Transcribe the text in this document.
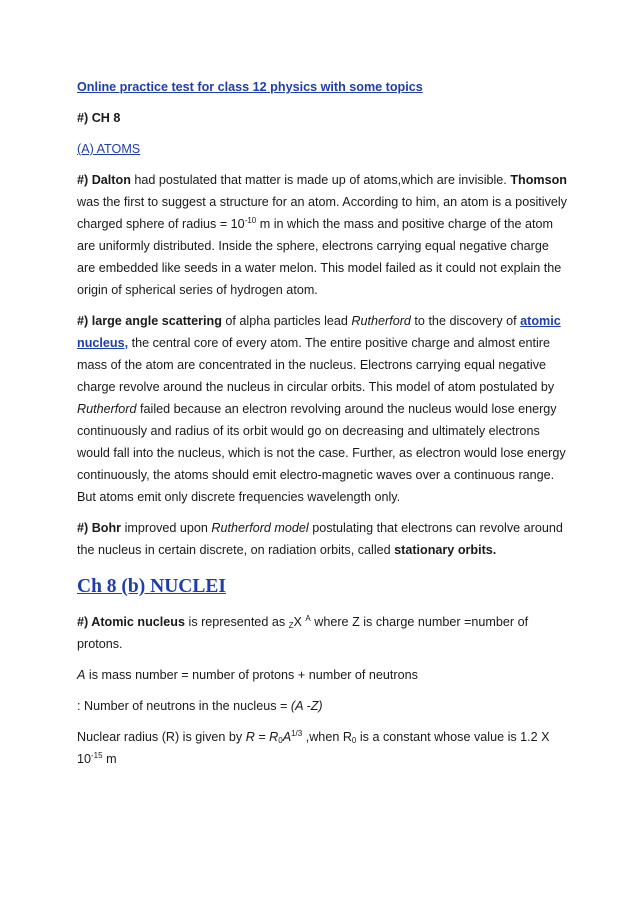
Online practice test for class 12 physics with some topics

#) CH 8

(A) ATOMS

#) Dalton had postulated that matter is made up of atoms,which are invisible. Thomson was the first to suggest a structure for an atom. According to him, an atom is a positively charged sphere of radius = $10^{-10}$ m in which the mass and positive charge of the atom are uniformly distributed. Inside the sphere, electrons carrying equal negative charge are embedded like seeds in a water melon. This model failed as it could not explain the origin of spherical series of hydrogen atom.

#) large angle scattering of alpha particles lead Rutherford to the discovery of atomic nucleus, the central core of every atom. The entire positive charge and almost entire mass of the atom are concentrated in the nucleus. Electrons carrying equal negative charge revolve around the nucleus in circular orbits. This model of atom postulated by Rutherford failed because an electron revolving around the nucleus would lose energy continuously and radius of its orbit would go on decreasing and ultimately electrons would fall into the nucleus, which is not the case. Further, as electron would lose energy continuously, the atoms should emit electro-magnetic waves over a continuous range. But atoms emit only discrete frequencies wavelength only.

#) Bohr improved upon Rutherford model postulating that electrons can revolve around the nucleus in certain discrete, on radiation orbits, called stationary orbits.

Ch 8 (b) NUCLEI

#) Atomic nucleus is represented as $_Z$X $^A$ where Z is charge number =number of protons.

A is mass number = number of protons + number of neutrons

: Number of neutrons in the nucleus = (A -Z)

Nuclear radius (R) is given by $R = R_0A^{1/3}$ ,when $R_0$ is a constant whose value is 1.2 X $10^{-15}$ m
